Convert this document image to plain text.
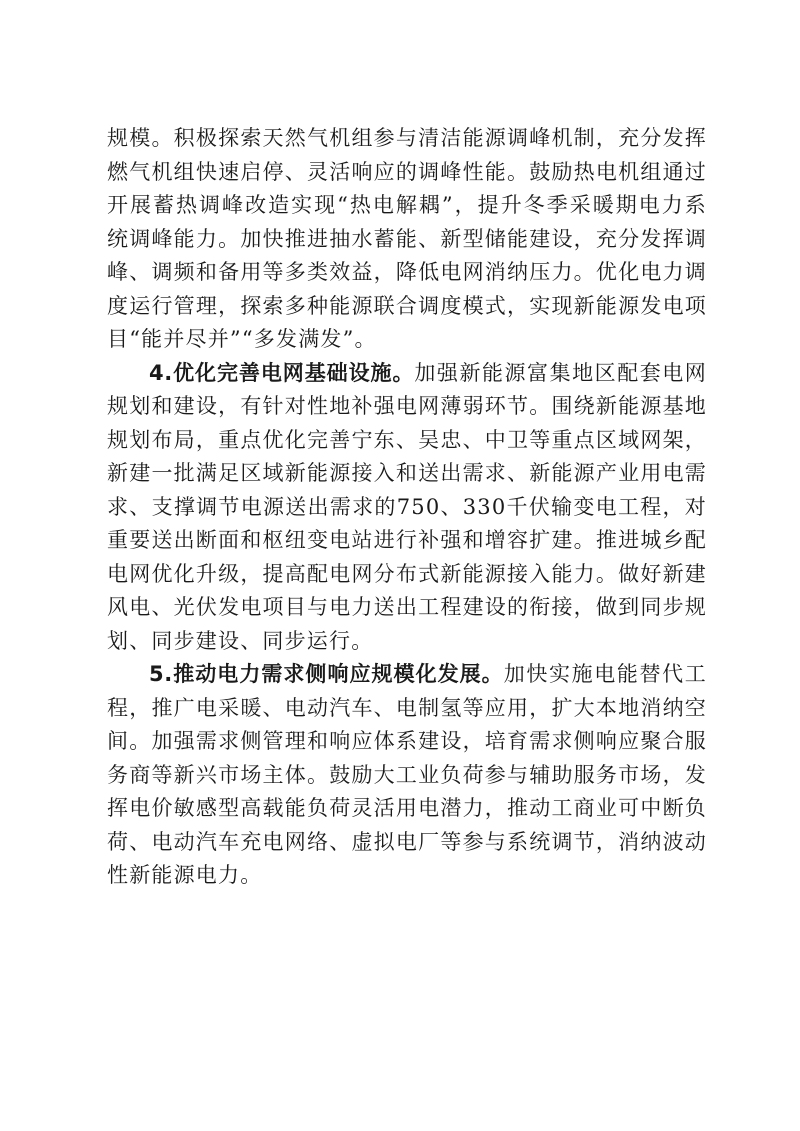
规模。积极探索天然气机组参与清洁能源调峰机制，充分发挥燃气机组快速启停、灵活响应的调峰性能。鼓励热电机组通过开展蓄热调峰改造实现“热电解耦”，提升冬季采暖期电力系统调峰能力。加快推进抽水蓄能、新型储能建设，充分发挥调峰、调频和备用等多类效益，降低电网消纳压力。优化电力调度运行管理，探索多种能源联合调度模式，实现新能源发电项目“能并尽并”“多发满发”。

4.优化完善电网基础设施。加强新能源富集地区配套电网规划和建设，有针对性地补强电网薄弱环节。围绕新能源基地规划布局，重点优化完善宁东、吴忠、中卫等重点区域网架，新建一批满足区域新能源接入和送出需求、新能源产业用电需求、支撑调节电源送出需求的750、330千伏输变电工程，对重要送出断面和枢纽变电站进行补强和增容扩建。推进城乡配电网优化升级，提高配电网分布式新能源接入能力。做好新建风电、光伏发电项目与电力送出工程建设的衔接，做到同步规划、同步建设、同步运行。

5.推动电力需求侧响应规模化发展。加快实施电能替代工程，推广电采暖、电动汽车、电制氢等应用，扩大本地消纳空间。加强需求侧管理和响应体系建设，培育需求侧响应聚合服务商等新兴市场主体。鼓励大工业负荷参与辅助服务市场，发挥电价敏感型高载能负荷灵活用电潜力，推动工商业可中断负荷、电动汽车充电网络、虚拟电厂等参与系统调节，消纳波动性新能源电力。
